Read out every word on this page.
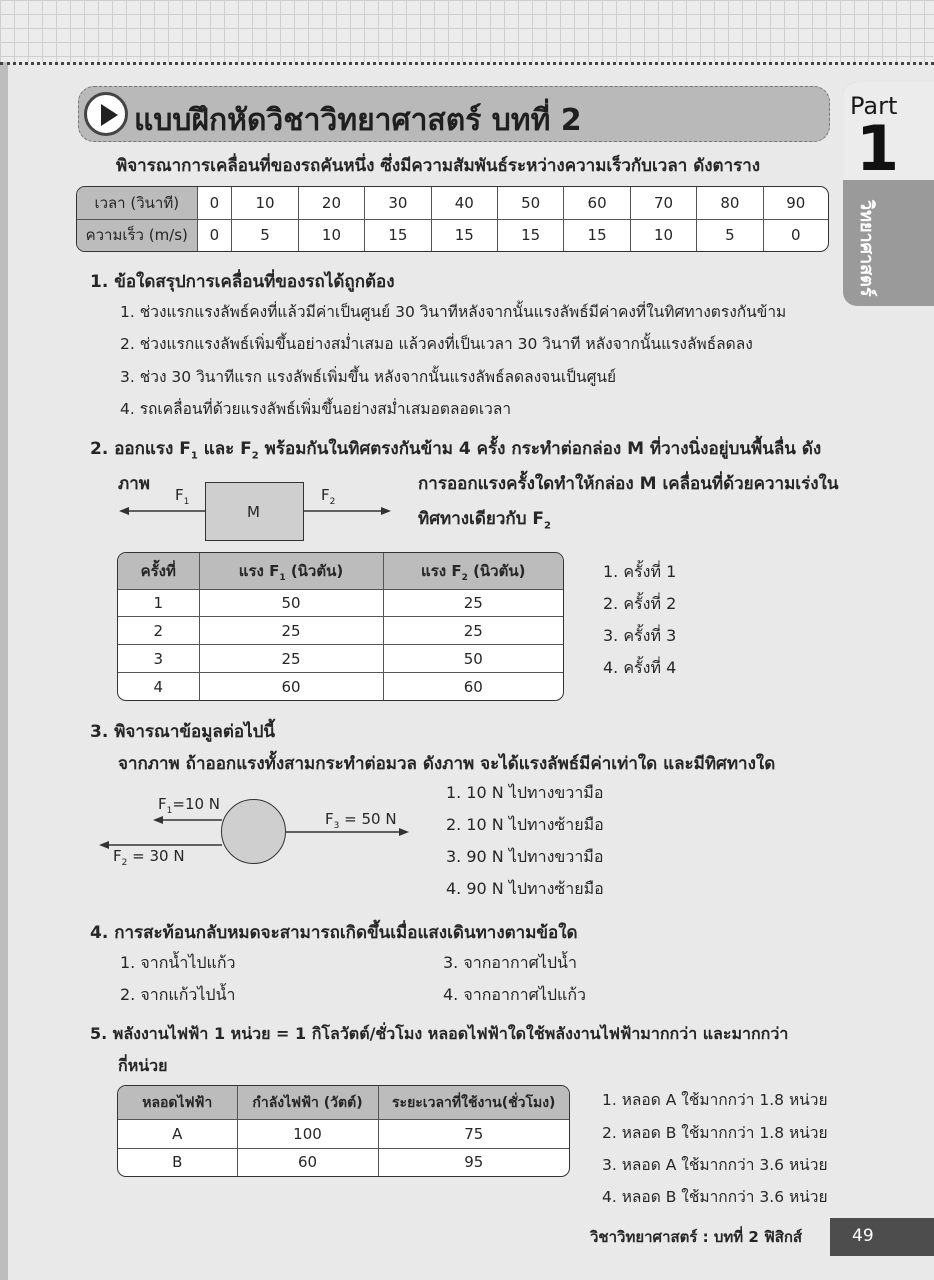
Part
1
วิทยาศาสตร์
แบบฝึกหัดวิชาวิทยาศาสตร์ บทที่ 2
พิจารณาการเคลื่อนที่ของรถคันหนึ่ง ซึ่งมีความสัมพันธ์ระหว่างความเร็วกับเวลา ดังตาราง
เวลา (วินาที)	0	10	20	30	40	50	60	70	80	90
ความเร็ว (m/s)	0	5	10	15	15	15	15	10	5	0
1. ข้อใดสรุปการเคลื่อนที่ของรถได้ถูกต้อง
1. ช่วงแรกแรงลัพธ์คงที่แล้วมีค่าเป็นศูนย์ 30 วินาทีหลังจากนั้นแรงลัพธ์มีค่าคงที่ในทิศทางตรงกันข้าม
2. ช่วงแรกแรงลัพธ์เพิ่มขึ้นอย่างสม่ำเสมอ แล้วคงที่เป็นเวลา 30 วินาที หลังจากนั้นแรงลัพธ์ลดลง
3. ช่วง 30 วินาทีแรก แรงลัพธ์เพิ่มขึ้น หลังจากนั้นแรงลัพธ์ลดลงจนเป็นศูนย์
4. รถเคลื่อนที่ด้วยแรงลัพธ์เพิ่มขึ้นอย่างสม่ำเสมอตลอดเวลา
2. ออกแรง $F_1$ และ $F_2$ พร้อมกันในทิศตรงกันข้าม 4 ครั้ง กระทำต่อกล่อง M ที่วางนิ่งอยู่บนพื้นลื่น ดัง
ภาพ	การออกแรงครั้งใดทำให้กล่อง M เคลื่อนที่ด้วยความเร่งใน
ทิศทางเดียวกับ $F_2$
$F_1$
M
$F_2$
ครั้งที่	แรง $F_1$ (นิวตัน)	แรง $F_2$ (นิวตัน)
1	50	25
2	25	25
3	25	50
4	60	60
1. ครั้งที่ 1
2. ครั้งที่ 2
3. ครั้งที่ 3
4. ครั้งที่ 4
3. พิจารณาข้อมูลต่อไปนี้
จากภาพ ถ้าออกแรงทั้งสามกระทำต่อมวล ดังภาพ จะได้แรงลัพธ์มีค่าเท่าใด และมีทิศทางใด
$F_1=10$ N
$F_2 = 30$ N
$F_3 = 50$ N
1. 10 N ไปทางขวามือ
2. 10 N ไปทางซ้ายมือ
3. 90 N ไปทางขวามือ
4. 90 N ไปทางซ้ายมือ
4. การสะท้อนกลับหมดจะสามารถเกิดขึ้นเมื่อแสงเดินทางตามข้อใด
1. จากน้ำไปแก้ว	3. จากอากาศไปน้ำ
2. จากแก้วไปน้ำ	4. จากอากาศไปแก้ว
5. พลังงานไฟฟ้า 1 หน่วย = 1 กิโลวัตต์/ชั่วโมง หลอดไฟฟ้าใดใช้พลังงานไฟฟ้ามากกว่า และมากกว่า
กี่หน่วย
หลอดไฟฟ้า	กำลังไฟฟ้า (วัตต์)	ระยะเวลาที่ใช้งาน(ชั่วโมง)
A	100	75
B	60	95
1. หลอด A ใช้มากกว่า 1.8 หน่วย
2. หลอด B ใช้มากกว่า 1.8 หน่วย
3. หลอด A ใช้มากกว่า 3.6 หน่วย
4. หลอด B ใช้มากกว่า 3.6 หน่วย
วิชาวิทยาศาสตร์ : บทที่ 2 ฟิสิกส์	49
